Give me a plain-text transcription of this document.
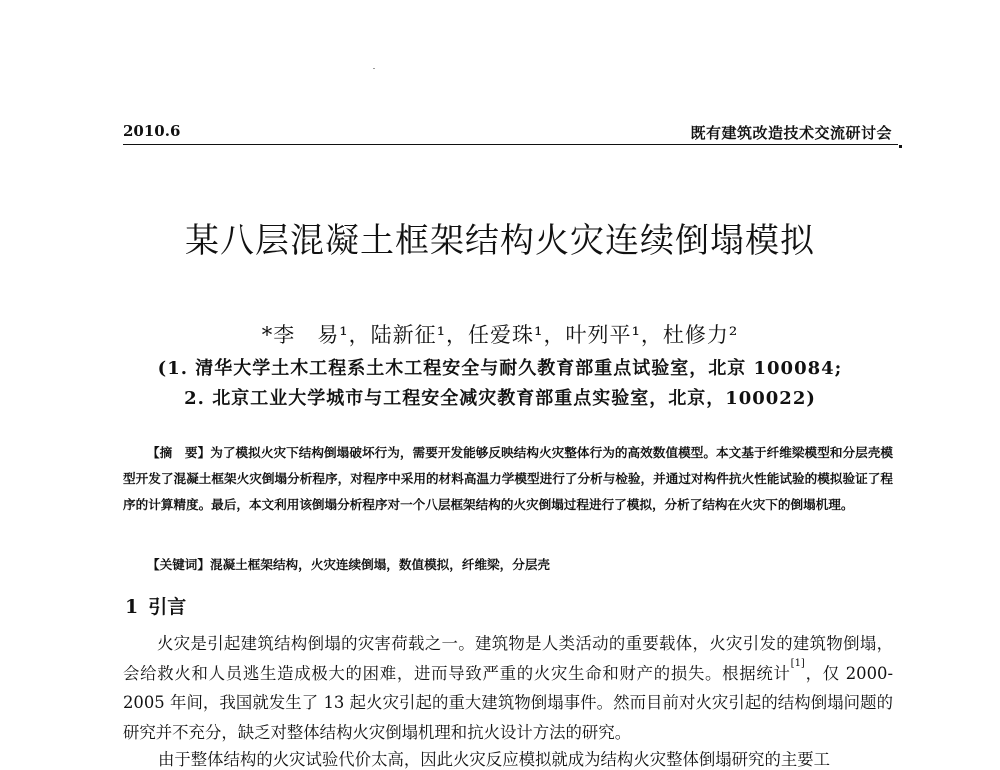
2010.6	既有建筑改造技术交流研讨会
某八层混凝土框架结构火灾连续倒塌模拟
*李　易¹，陆新征¹，任爱珠¹，叶列平¹，杜修力²
(1. 清华大学土木工程系土木工程安全与耐久教育部重点试验室，北京 100084;
2. 北京工业大学城市与工程安全减灾教育部重点实验室，北京，100022)

【摘　要】为了模拟火灾下结构倒塌破坏行为，需要开发能够反映结构火灾整体行为的高效数值模型。本文基于纤维梁模型和分层壳模型开发了混凝土框架火灾倒塌分析程序，对程序中采用的材料高温力学模型进行了分析与检验，并通过对构件抗火性能试验的模拟验证了程序的计算精度。最后，本文利用该倒塌分析程序对一个八层框架结构的火灾倒塌过程进行了模拟，分析了结构在火灾下的倒塌机理。

【关键词】混凝土框架结构，火灾连续倒塌，数值模拟，纤维梁，分层壳
1 引言

火灾是引起建筑结构倒塌的灾害荷载之一。建筑物是人类活动的重要载体，火灾引发的建筑物倒塌，会给救火和人员逃生造成极大的困难，进而导致严重的火灾生命和财产的损失。根据统计[1]，仅 2000-2005 年间，我国就发生了 13 起火灾引起的重大建筑物倒塌事件。然而目前对火灾引起的结构倒塌问题的研究并不充分，缺乏对整体结构火灾倒塌机理和抗火设计方法的研究。

由于整体结构的火灾试验代价太高，因此火灾反应模拟就成为结构火灾整体倒塌研究的主要工
